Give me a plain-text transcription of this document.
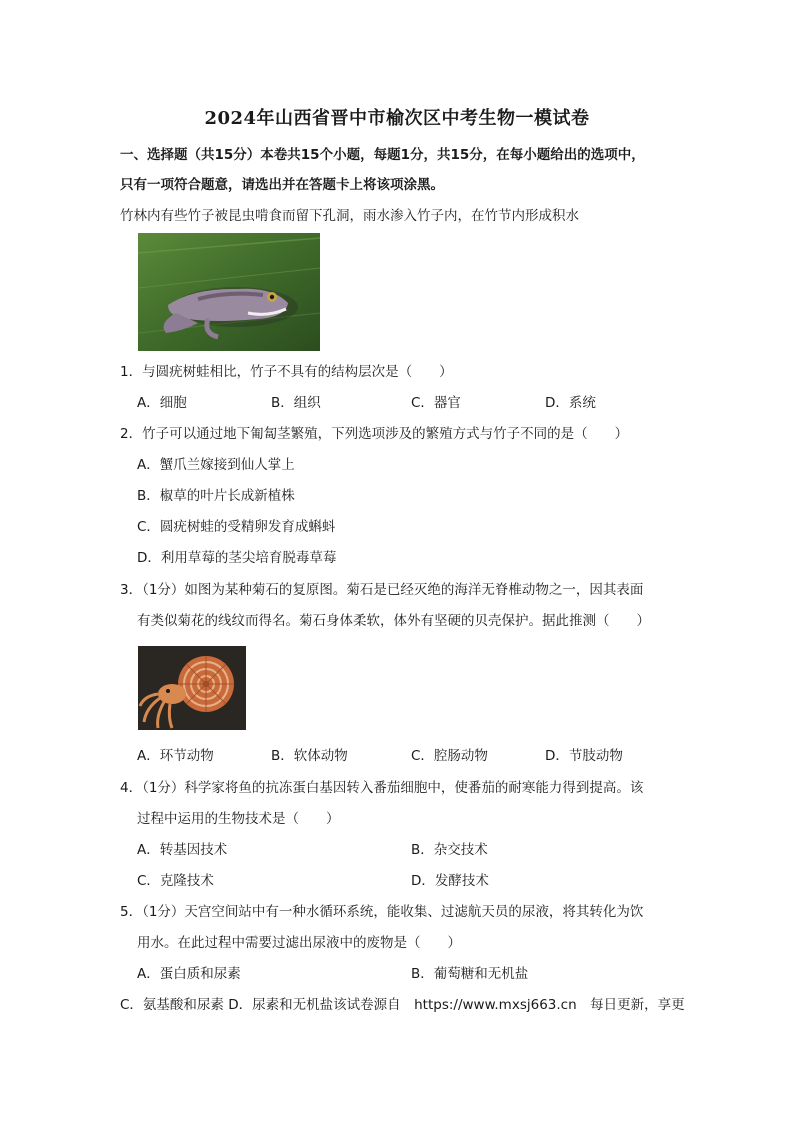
2024年山西省晋中市榆次区中考生物一模试卷
一、选择题（共15分）本卷共15个小题，每题1分，共15分，在每小题给出的选项中，
只有一项符合题意，请选出并在答题卡上将该项涂黑。
竹林内有些竹子被昆虫啃食而留下孔洞，雨水渗入竹子内，在竹节内形成积水
1．与圆疣树蛙相比，竹子不具有的结构层次是（　　）
A．细胞	B．组织	C．器官	D．系统
2．竹子可以通过地下匍匐茎繁殖，下列选项涉及的繁殖方式与竹子不同的是（　　）
A．蟹爪兰嫁接到仙人掌上
B．椒草的叶片长成新植株
C．圆疣树蛙的受精卵发育成蝌蚪
D．利用草莓的茎尖培育脱毒草莓
3．（1分）如图为某种菊石的复原图。菊石是已经灭绝的海洋无脊椎动物之一，因其表面
有类似菊花的线纹而得名。菊石身体柔软，体外有坚硬的贝壳保护。据此推测（　　）
A．环节动物	B．软体动物	C．腔肠动物	D．节肢动物
4．（1分）科学家将鱼的抗冻蛋白基因转入番茄细胞中，使番茄的耐寒能力得到提高。该
过程中运用的生物技术是（　　）
A．转基因技术	B．杂交技术
C．克隆技术	D．发酵技术
5．（1分）天宫空间站中有一种水循环系统，能收集、过滤航天员的尿液，将其转化为饮
用水。在此过程中需要过滤出尿液中的废物是（　　）
A．蛋白质和尿素	B．葡萄糖和无机盐
C．氨基酸和尿素 D．尿素和无机盐该试卷源自　https://www.mxsj663.cn　每日更新，享更
